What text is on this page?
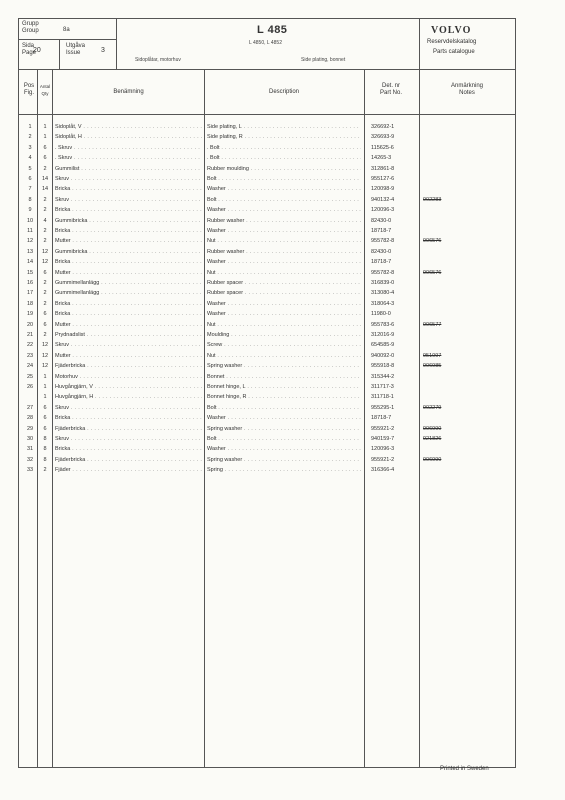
Grupp
Group	8a
Sida
Page
20
Utgåva
Issue	3
L 485
L 4850, L 4852
Sidoplåtar, motorhuv	Side plating, bonnet
VOLVO
Reservdelskatalog
Parts catalogue
Pos
Fig.
Antal
Qty	Benämning	Description
Det. nr
Part No.
Anmärkning
Notes
1	1	Sidoplåt, V . . .	Side plating, L . . .	326692-1
2	1	Sidoplåt, H . . .	Side plating, R . . .	326693-9
3	6	. Skruv . . .	. Bolt . . .	115625-6
4	6	. Skruv . . .	. Bolt . . .	14265-3
5	2	Gummilist . . .	Rubber moulding . . .	312861-8
6	14	Skruv . . .	Bolt . . .	955127-6
7	14	Bricka . . .	Washer . . .	120098-9
8	2	Skruv . . .	Bolt . . .	940132-4	902283
9	2	Bricka . . .	Washer . . .	120096-3
10	4	Gummibricka . . .	Rubber washer . . .	82430-0
11	2	Bricka . . .	Washer . . .	18718-7
12	2	Mutter . . .	Nut . . .	955782-8	906576
13	12	Gummibricka . . .	Rubber washer . . .	82430-0
14	12	Bricka . . .	Washer . . .	18718-7
15	6	Mutter . . .	Nut . . .	955782-8	906576
16	2	Gummimellanlägg . . .	Rubber spacer . . .	316839-0
17	2	Gummimellanlägg . . .	Rubber spacer . . .	313080-4
18	2	Bricka . . .	Washer . . .	318064-3
19	6	Bricka . . .	Washer . . .	11980-0
20	6	Mutter . . .	Nut . . .	955783-6	906577
21	2	Prydnadslist . . .	Moulding . . .	312016-9
22	12	Skruv . . .	Screw . . .	654585-9
23	12	Mutter . . .	Nut . . .	940092-0	951097
24	12	Fjäderbricka . . .	Spring washer . . .	955918-8	906985
25	1	Motorhuv . . .	Bonnet . . .	315344-2
26	1	Huvgångjärn, V . . .	Bonnet hinge, L . . .	311717-3
1	Huvgångjärn, H . . .	Bonnet hinge, R . . .	311718-1
27	6	Skruv . . .	Bolt . . .	955295-1	902279
28	6	Bricka . . .	Washer . . .	18718-7
29	6	Fjäderbricka . . .	Spring washer . . .	955921-2	906990
30	8	Skruv . . .	Bolt . . .	940159-7	921826
31	8	Bricka . . .	Washer . . .	120096-3
32	8	Fjäderbricka . . .	Spring washer . . .	955921-2	906990
33	2	Fjäder . . .	Spring . . .	316366-4
Printed in Sweden
